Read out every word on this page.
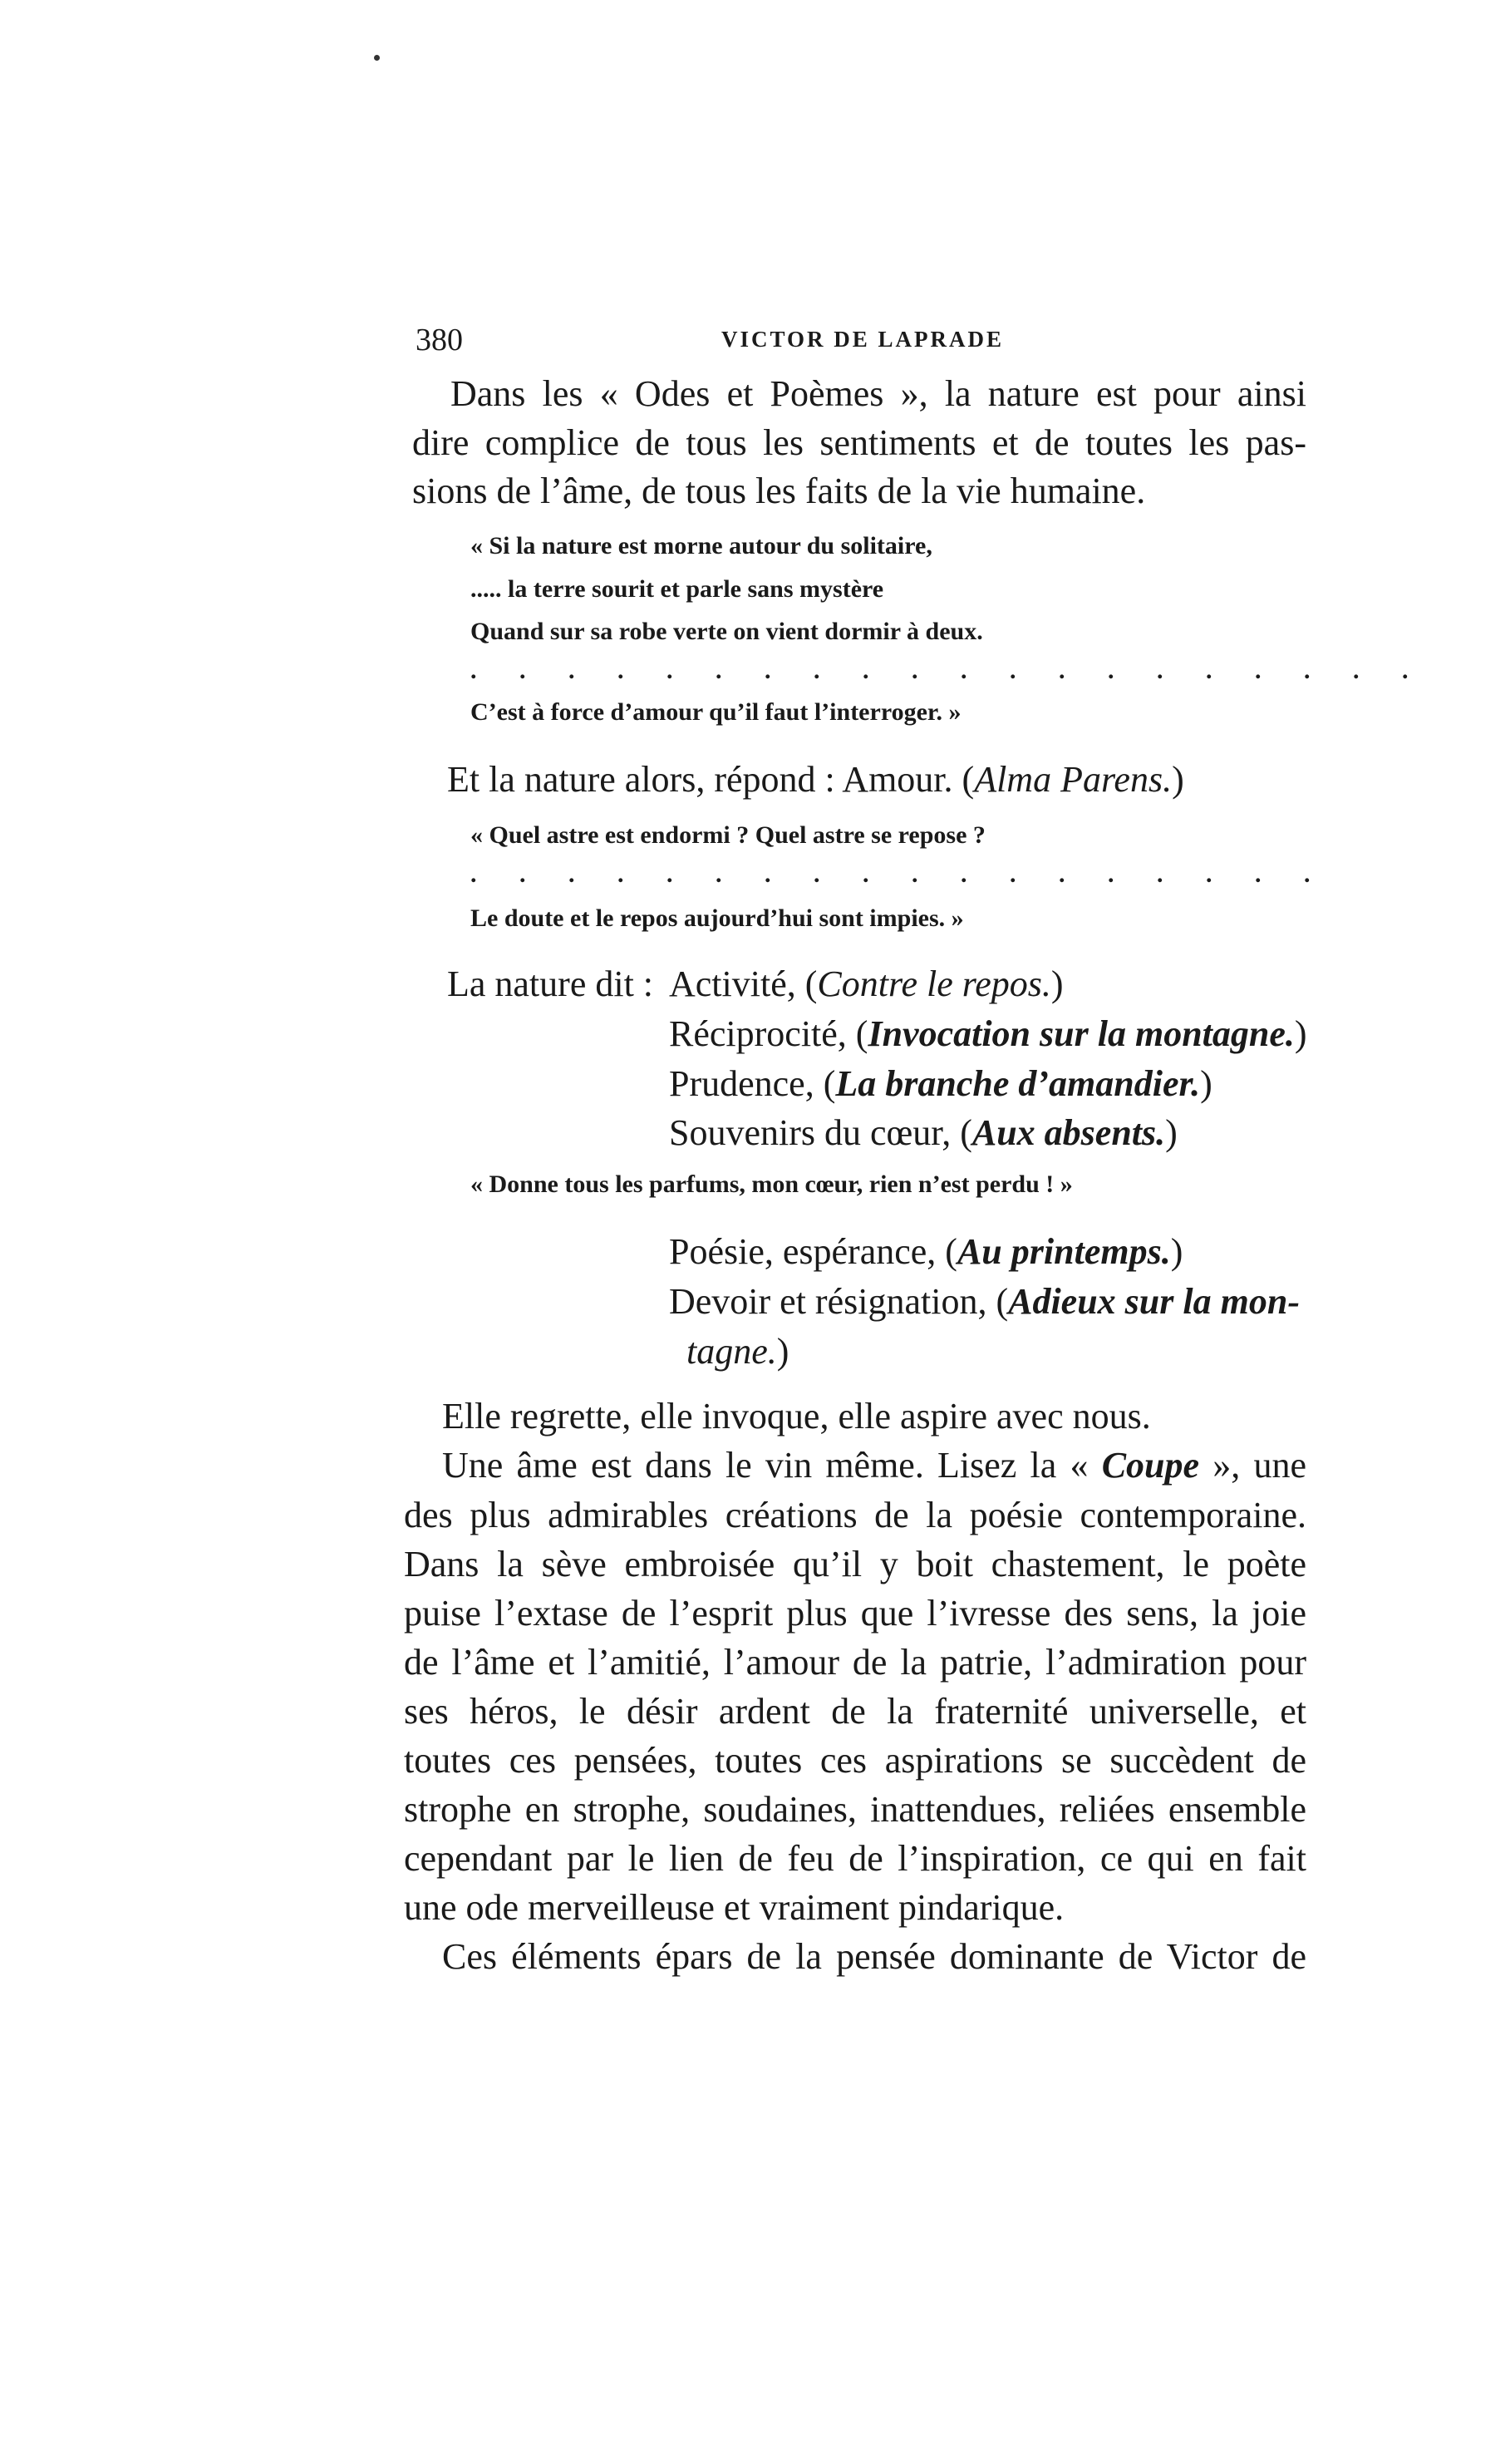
380	VICTOR DE LAPRADE
Dans les « Odes et Poèmes », la nature est pour ainsi
dire complice de tous les sentiments et de toutes les pas-
sions de l’âme, de tous les faits de la vie humaine.
« Si la nature est morne autour du solitaire,
..... la terre sourit et parle sans mystère
Quand sur sa robe verte on vient dormir à deux.
. . . . . . . . . . . . . . . . . . . .
C’est à force d’amour qu’il faut l’interroger. »
Et la nature alors, répond : Amour. (Alma Parens.)
« Quel astre est endormi ? Quel astre se repose ?
. . . . . . . . . . . . . . . . . .
Le doute et le repos aujourd’hui sont impies. »
La nature dit : Activité, (Contre le repos.)
Réciprocité, (Invocation sur la montagne.)
Prudence, (La branche d’amandier.)
Souvenirs du cœur, (Aux absents.)
« Donne tous les parfums, mon cœur, rien n’est perdu ! »
Poésie, espérance, (Au printemps.)
Devoir et résignation, (Adieux sur la mon-
tagne.)
Elle regrette, elle invoque, elle aspire avec nous.
Une âme est dans le vin même. Lisez la « Coupe », une
des plus admirables créations de la poésie contemporaine.
Dans la sève embroisée qu’il y boit chastement, le poète
puise l’extase de l’esprit plus que l’ivresse des sens, la joie
de l’âme et l’amitié, l’amour de la patrie, l’admiration pour
ses héros, le désir ardent de la fraternité universelle, et
toutes ces pensées, toutes ces aspirations se succèdent de
strophe en strophe, soudaines, inattendues, reliées ensemble
cependant par le lien de feu de l’inspiration, ce qui en fait
une ode merveilleuse et vraiment pindarique.
Ces éléments épars de la pensée dominante de Victor de
